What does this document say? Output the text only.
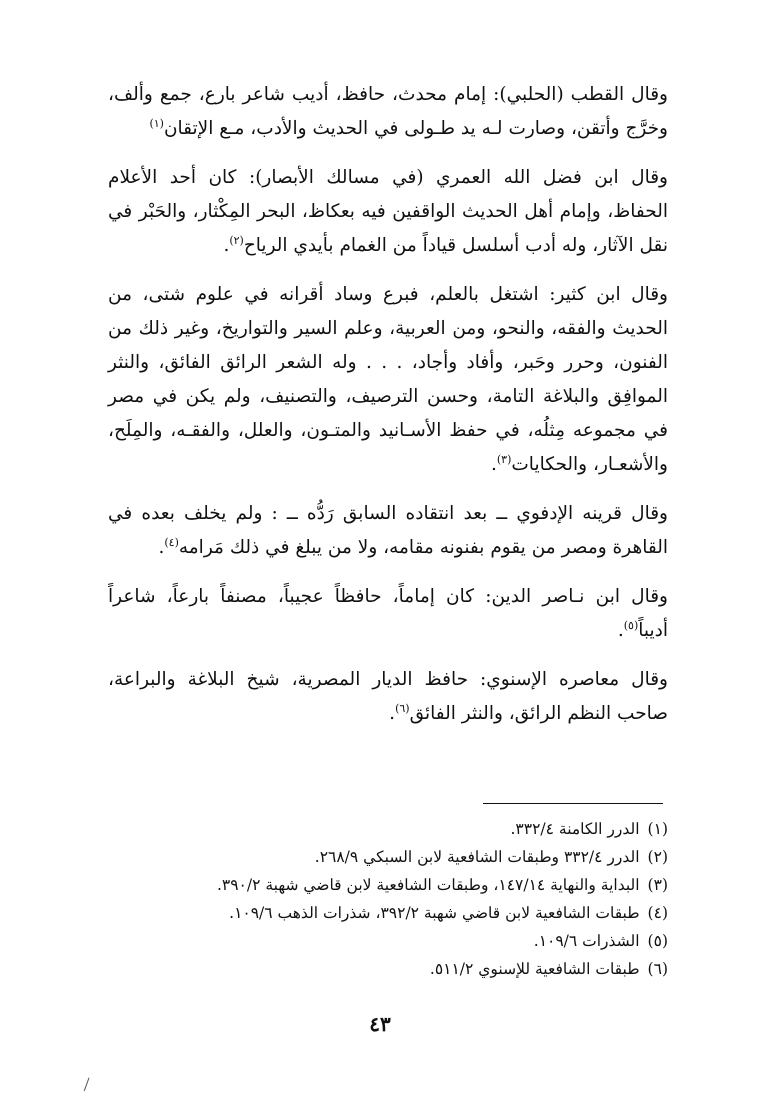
وقال القطب (الحلبي): إمام محدث، حافظ، أديب شاعر بارع، جمع وألف، وخرَّج وأتقن، وصارت لـه يد طـولى في الحديث والأدب، مـع الإتقان$^{(١)}$

وقال ابن فضل الله العمري (في مسالك الأبصار): كان أحد الأعلام الحفاظ، وإمام أهل الحديث الواقفين فيه بعكاظ، البحر المِكْثار، والحَبْر في نقل الآثار، وله أدب أسلسل قياداً من الغمام بأيدي الرياح$^{(٢)}$.

وقال ابن كثير: اشتغل بالعلم، فبرع وساد أقرانه في علوم شتى، من الحديث والفقه، والنحو، ومن العربية، وعلم السير والتواريخ، وغير ذلك من الفنون، وحرر وحَبر، وأفاد وأجاد، . . . وله الشعر الرائق الفائق، والنثر الموافِق والبلاغة التامة، وحسن الترصيف، والتصنيف، ولم يكن في مصر في مجموعه مِثلُه، في حفظ الأسـانيد والمتـون، والعلل، والفقـه، والمِلَح، والأشعـار، والحكايات$^{(٣)}$.

وقال قرينه الإدفوي ــ بعد انتقاده السابق رَدُّه ــ : ولم يخلف بعده في القاهرة ومصر من يقوم بفنونه مقامه، ولا من يبلغ في ذلك مَرامه$^{(٤)}$.

وقال ابن نـاصر الدين: كان إماماً، حافظاً عجيباً، مصنفاً بارعاً، شاعراً أديباً$^{(٥)}$.

وقال معاصره الإسنوي: حافظ الديار المصرية، شيخ البلاغة والبراعة، صاحب النظم الرائق، والنثر الفائق$^{(٦)}$.

(١)الدرر الكامنة ٣٣٢/٤.
(٢)الدرر ٣٣٢/٤ وطبقات الشافعية لابن السبكي ٢٦٨/٩.
(٣)البداية والنهاية ١٤٧/١٤، وطبقات الشافعية لابن قاضي شهبة ٣٩٠/٢.
(٤)طبقات الشافعية لابن قاضي شهبة ٣٩٢/٢، شذرات الذهب ١٠٩/٦.
(٥)الشذرات ١٠٩/٦.
(٦)طبقات الشافعية للإسنوي ٥١١/٢.
٤٣
